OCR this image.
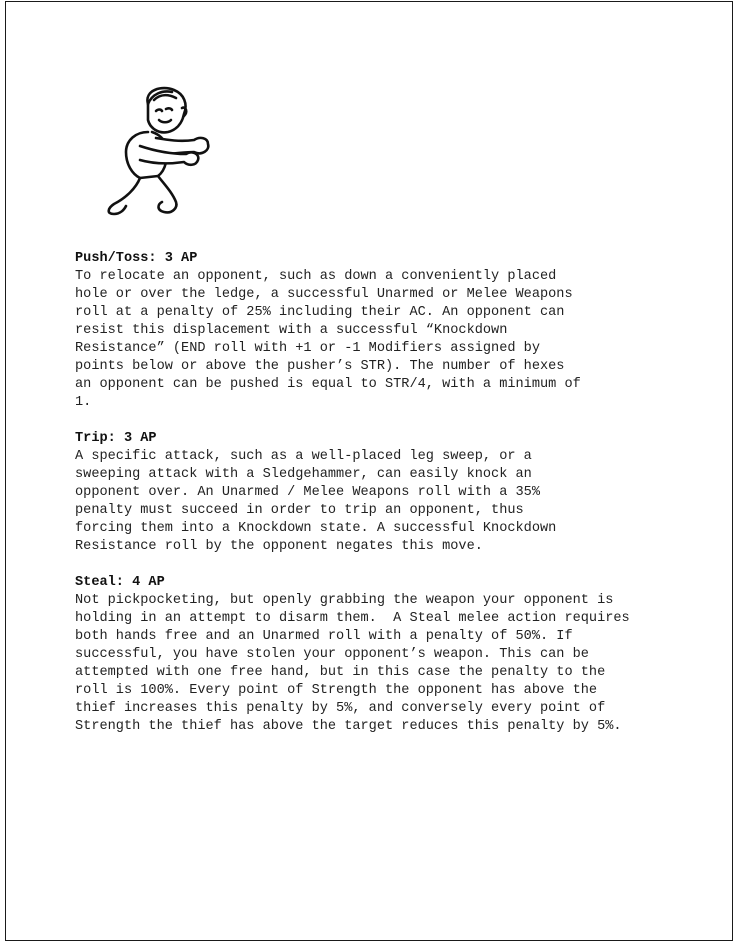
Push/Toss: 3 AP
To relocate an opponent, such as down a conveniently placed
hole or over the ledge, a successful Unarmed or Melee Weapons
roll at a penalty of 25% including their AC. An opponent can
resist this displacement with a successful “Knockdown
Resistance” (END roll with +1 or -1 Modifiers assigned by
points below or above the pusher’s STR). The number of hexes
an opponent can be pushed is equal to STR/4, with a minimum of
1.
Trip: 3 AP
A specific attack, such as a well-placed leg sweep, or a
sweeping attack with a Sledgehammer, can easily knock an
opponent over. An Unarmed / Melee Weapons roll with a 35%
penalty must succeed in order to trip an opponent, thus
forcing them into a Knockdown state. A successful Knockdown
Resistance roll by the opponent negates this move.
Steal: 4 AP
Not pickpocketing, but openly grabbing the weapon your opponent is
holding in an attempt to disarm them.  A Steal melee action requires
both hands free and an Unarmed roll with a penalty of 50%. If
successful, you have stolen your opponent’s weapon. This can be
attempted with one free hand, but in this case the penalty to the
roll is 100%. Every point of Strength the opponent has above the
thief increases this penalty by 5%, and conversely every point of
Strength the thief has above the target reduces this penalty by 5%.
